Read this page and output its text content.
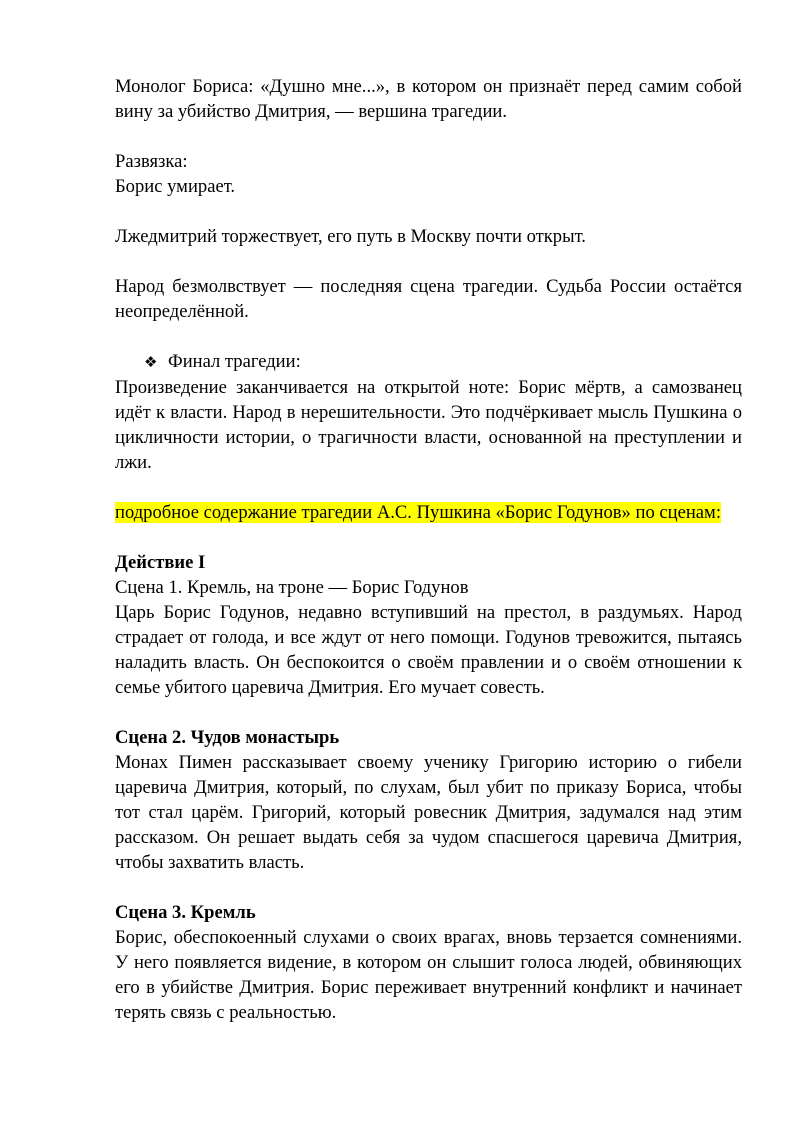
Монолог Бориса: «Душно мне...», в котором он признаёт перед самим собой вину за убийство Дмитрия, — вершина трагедии.

Развязка:

Борис умирает.

Лжедмитрий торжествует, его путь в Москву почти открыт.

Народ безмолвствует — последняя сцена трагедии. Судьба России остаётся неопределённой.

❖ Финал трагедии:

Произведение заканчивается на открытой ноте: Борис мёртв, а самозванец идёт к власти. Народ в нерешительности. Это подчёркивает мысль Пушкина о цикличности истории, о трагичности власти, основанной на преступлении и лжи.

подробное содержание трагедии А.С. Пушкина «Борис Годунов» по сценам:

Действие I

Сцена 1. Кремль, на троне — Борис Годунов

Царь Борис Годунов, недавно вступивший на престол, в раздумьях. Народ страдает от голода, и все ждут от него помощи. Годунов тревожится, пытаясь наладить власть. Он беспокоится о своём правлении и о своём отношении к семье убитого царевича Дмитрия. Его мучает совесть.

Сцена 2. Чудов монастырь

Монах Пимен рассказывает своему ученику Григорию историю о гибели царевича Дмитрия, который, по слухам, был убит по приказу Бориса, чтобы тот стал царём. Григорий, который ровесник Дмитрия, задумался над этим рассказом. Он решает выдать себя за чудом спасшегося царевича Дмитрия, чтобы захватить власть.

Сцена 3. Кремль

Борис, обеспокоенный слухами о своих врагах, вновь терзается сомнениями. У него появляется видение, в котором он слышит голоса людей, обвиняющих его в убийстве Дмитрия. Борис переживает внутренний конфликт и начинает терять связь с реальностью.
